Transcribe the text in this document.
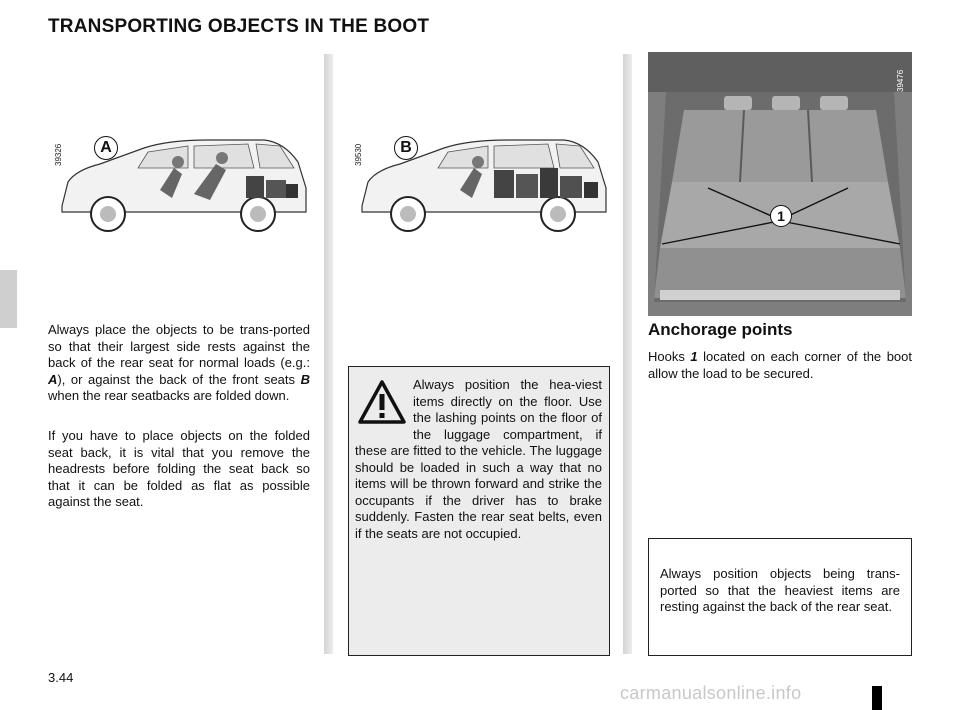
TRANSPORTING OBJECTS IN THE BOOT
39326	A	39530	B
39476
1

Always place the objects to be trans-ported so that their largest side rests against the back of the rear seat for normal loads (e.g.: A), or against the back of the front seats B when the rear seatbacks are folded down.

If you have to place objects on the folded seat back, it is vital that you remove the headrests before folding the seat back so that it can be folded as flat as possible against the seat.

Always position the hea-viest items directly on the floor. Use the lashing points on the floor of the luggage compartment, if these are fitted to the vehicle. The luggage should be loaded in such a way that no items will be thrown forward and strike the occupants if the driver has to brake suddenly. Fasten the rear seat belts, even if the seats are not occupied.
Anchorage points

Hooks 1 located on each corner of the boot allow the load to be secured.

Always position objects being trans-ported so that the heaviest items are resting against the back of the rear seat.

3.44
carmanualsonline.info
